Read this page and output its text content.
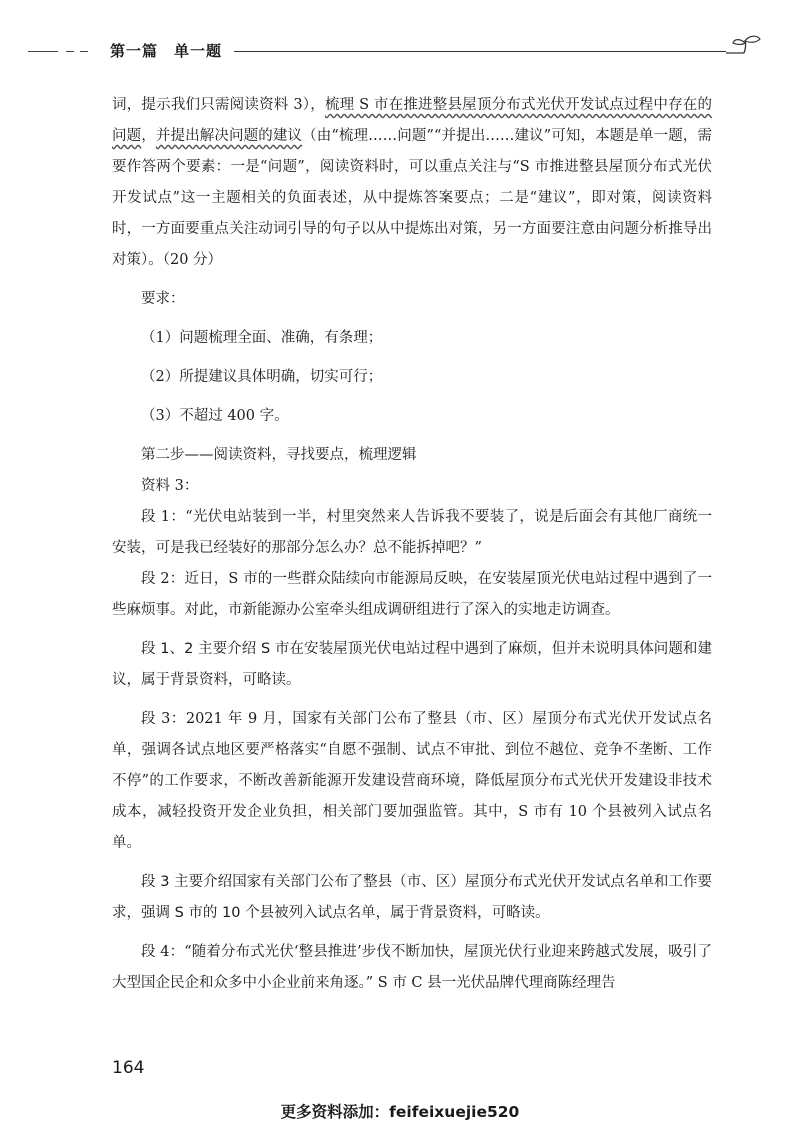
第一篇　单一题

词，提示我们只需阅读资料 3），梳理 S 市在推进整县屋顶分布式光伏开发试点过程中存在的问题，并提出解决问题的建议（由“梳理……问题”“并提出……建议”可知，本题是单一题，需要作答两个要素：一是“问题”，阅读资料时，可以重点关注与“S 市推进整县屋顶分布式光伏开发试点”这一主题相关的负面表述，从中提炼答案要点；二是“建议”，即对策，阅读资料时，一方面要重点关注动词引导的句子以从中提炼出对策，另一方面要注意由问题分析推导出对策）。（20 分）

要求：

（1）问题梳理全面、准确，有条理；

（2）所提建议具体明确，切实可行；

（3）不超过 400 字。

第二步——阅读资料，寻找要点，梳理逻辑

资料 3：

段 1：“光伏电站装到一半，村里突然来人告诉我不要装了，说是后面会有其他厂商统一安装，可是我已经装好的那部分怎么办？总不能拆掉吧？”

段 2：近日，S 市的一些群众陆续向市能源局反映，在安装屋顶光伏电站过程中遇到了一些麻烦事。对此，市新能源办公室牵头组成调研组进行了深入的实地走访调查。

段 1、2 主要介绍 S 市在安装屋顶光伏电站过程中遇到了麻烦，但并未说明具体问题和建议，属于背景资料，可略读。

段 3：2021 年 9 月，国家有关部门公布了整县（市、区）屋顶分布式光伏开发试点名单，强调各试点地区要严格落实“自愿不强制、试点不审批、到位不越位、竞争不垄断、工作不停”的工作要求，不断改善新能源开发建设营商环境，降低屋顶分布式光伏开发建设非技术成本，减轻投资开发企业负担，相关部门要加强监管。其中，S 市有 10 个县被列入试点名单。

段 3 主要介绍国家有关部门公布了整县（市、区）屋顶分布式光伏开发试点名单和工作要求，强调 S 市的 10 个县被列入试点名单，属于背景资料，可略读。

段 4：“随着分布式光伏‘整县推进’步伐不断加快，屋顶光伏行业迎来跨越式发展，吸引了大型国企民企和众多中小企业前来角逐。” S 市 C 县一光伏品牌代理商陈经理告

164
更多资料添加：feifeixuejie520
